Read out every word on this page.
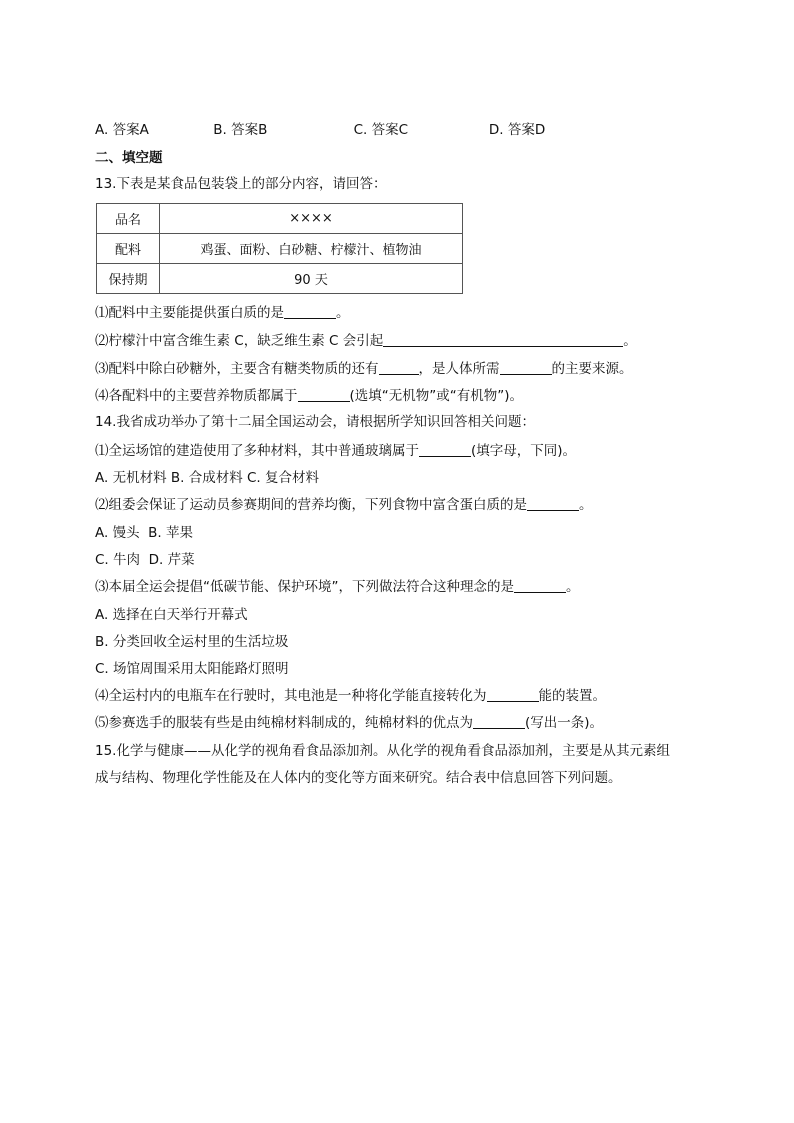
A. 答案A	B. 答案B	C. 答案C	D. 答案D
二、填空题
13.下表是某食品包装袋上的部分内容，请回答：
品名	××××
配料	鸡蛋、面粉、白砂糖、柠檬汁、植物油
保持期	90 天
⑴配料中主要能提供蛋白质的是	。
⑵柠檬汁中富含维生素 C，缺乏维生素 C 会引起	。
⑶配料中除白砂糖外，主要含有糖类物质的还有	，是人体所需	的主要来源。
⑷各配料中的主要营养物质都属于	(选填“无机物”或“有机物”)。
14.我省成功举办了第十二届全国运动会，请根据所学知识回答相关问题：
⑴全运场馆的建造使用了多种材料，其中普通玻璃属于	(填字母，下同)。
A. 无机材料 B. 合成材料 C. 复合材料
⑵组委会保证了运动员参赛期间的营养均衡，下列食物中富含蛋白质的是	。
A. 馒头  B. 苹果
C. 牛肉  D. 芹菜
⑶本届全运会提倡“低碳节能、保护环境”，下列做法符合这种理念的是	。
A. 选择在白天举行开幕式
B. 分类回收全运村里的生活垃圾
C. 场馆周围采用太阳能路灯照明
⑷全运村内的电瓶车在行驶时，其电池是一种将化学能直接转化为	能的装置。
⑸参赛选手的服装有些是由纯棉材料制成的，纯棉材料的优点为	(写出一条)。
15.化学与健康——从化学的视角看食品添加剂。从化学的视角看食品添加剂，主要是从其元素组
成与结构、物理化学性能及在人体内的变化等方面来研究。结合表中信息回答下列问题。
